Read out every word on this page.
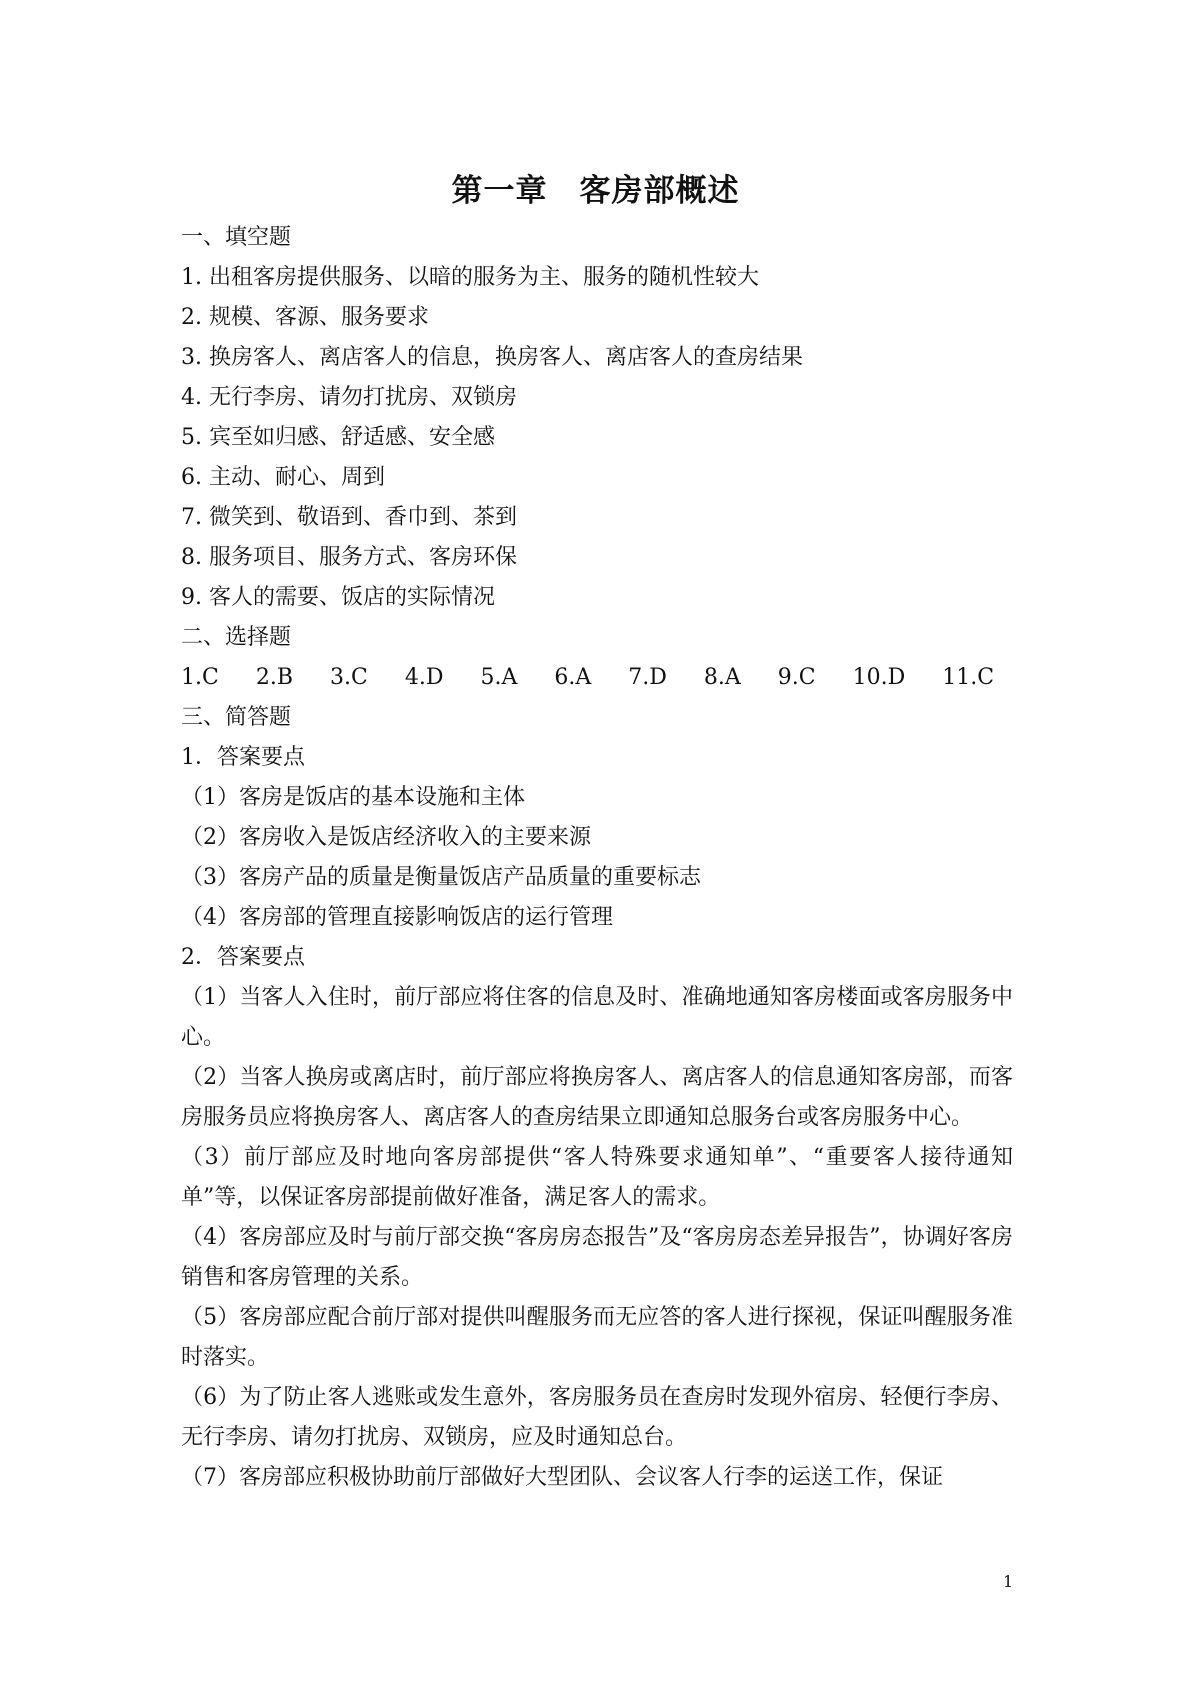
第一章　客房部概述
一、填空题
1. 出租客房提供服务、以暗的服务为主、服务的随机性较大
2. 规模、客源、服务要求
3. 换房客人、离店客人的信息，换房客人、离店客人的查房结果
4. 无行李房、请勿打扰房、双锁房
5. 宾至如归感、舒适感、安全感
6. 主动、耐心、周到
7. 微笑到、敬语到、香巾到、茶到
8. 服务项目、服务方式、客房环保
9. 客人的需要、饭店的实际情况
二、选择题
1.C 2.B 3.C 4.D 5.A 6.A 7.D 8.A 9.C 10.D 11.C
三、简答题
1．答案要点
（1）客房是饭店的基本设施和主体
（2）客房收入是饭店经济收入的主要来源
（3）客房产品的质量是衡量饭店产品质量的重要标志
（4）客房部的管理直接影响饭店的运行管理
2．答案要点
（1）当客人入住时，前厅部应将住客的信息及时、准确地通知客房楼面或客房服务中心。
（2）当客人换房或离店时，前厅部应将换房客人、离店客人的信息通知客房部，而客房服务员应将换房客人、离店客人的查房结果立即通知总服务台或客房服务中心。
（3）前厅部应及时地向客房部提供“客人特殊要求通知单”、“重要客人接待通知单”等，以保证客房部提前做好准备，满足客人的需求。
（4）客房部应及时与前厅部交换“客房房态报告”及“客房房态差异报告”，协调好客房销售和客房管理的关系。
（5）客房部应配合前厅部对提供叫醒服务而无应答的客人进行探视，保证叫醒服务准时落实。
（6）为了防止客人逃账或发生意外，客房服务员在查房时发现外宿房、轻便行李房、无行李房、请勿打扰房、双锁房，应及时通知总台。
（7）客房部应积极协助前厅部做好大型团队、会议客人行李的运送工作，保证
1
